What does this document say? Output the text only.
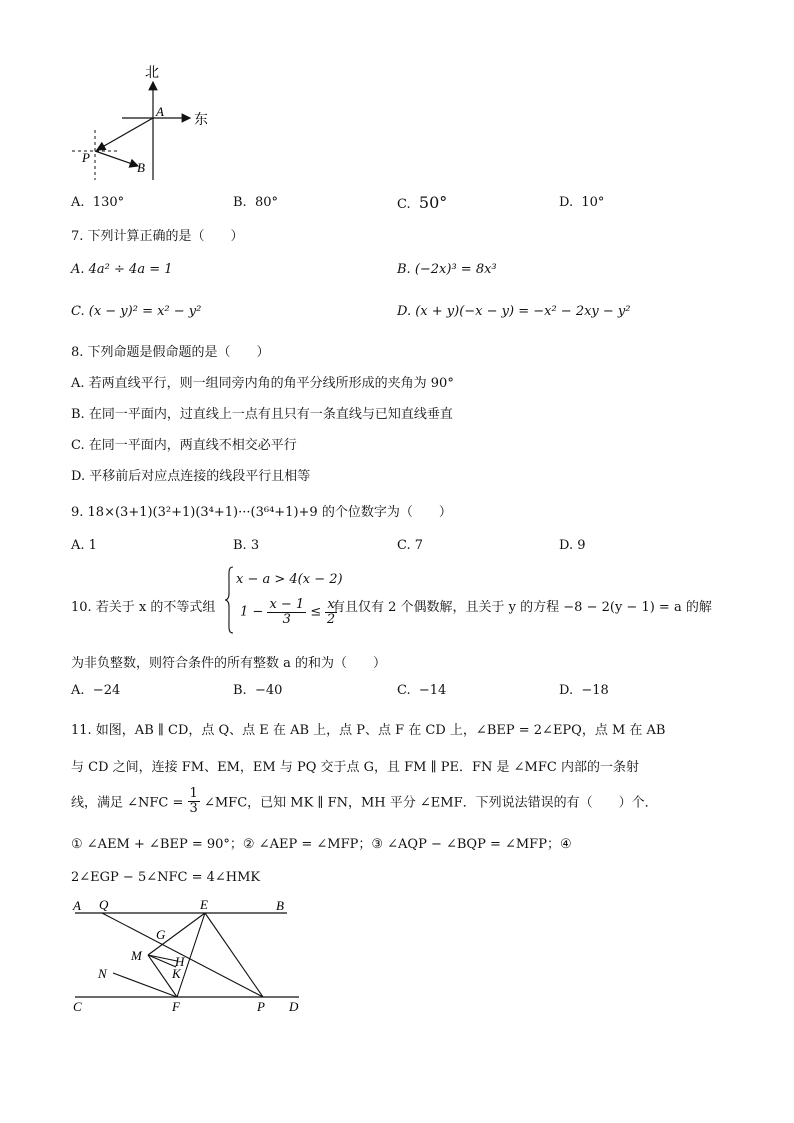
北
东
A
P
B
A. 130°	B. 80°	C. 50°	D. 10°
7. 下列计算正确的是（　　）
A. 4a² ÷ 4a = 1	B. (−2x)³ = 8x³
C. (x − y)² = x² − y²	D. (x + y)(−x − y) = −x² − 2xy − y²
8. 下列命题是假命题的是（　　）
A. 若两直线平行，则一组同旁内角的角平分线所形成的夹角为 90°
B. 在同一平面内，过直线上一点有且只有一条直线与已知直线垂直
C. 在同一平面内，两直线不相交必平行
D. 平移前后对应点连接的线段平行且相等
9. 18×(3+1)(3²+1)(3⁴+1)···(3⁶⁴+1)+9 的个位数字为（　　）
A. 1	B. 3	C. 7	D. 9
10. 若关于 x 的不等式组
x − a > 4(x − 2)
$1 - \frac{x - 1}{3} \le \frac{x}{2}$
有且仅有 2 个偶数解，且关于 y 的方程 −8 − 2(y − 1) = a 的解
为非负整数，则符合条件的所有整数 a 的和为（　　）
A. −24	B. −40	C. −14	D. −18
11. 如图，AB ∥ CD，点 Q、点 E 在 AB 上，点 P、点 F 在 CD 上，∠BEP = 2∠EPQ，点 M 在 AB
与 CD 之间，连接 FM、EM，EM 与 PQ 交于点 G，且 FM ∥ PE．FN 是 ∠MFC 内部的一条射
线，满足 ∠NFC = $\frac{1}{3}$ ∠MFC，已知 MK ∥ FN，MH 平分 ∠EMF．下列说法错误的有（　　）个．
① ∠AEM + ∠BEP = 90°；② ∠AEP = ∠MFP；③ ∠AQP − ∠BQP = ∠MFP；④
2∠EGP − 5∠NFC = 4∠HMK
A Q	E	B
G
M	H
K
N
C	F	P D
